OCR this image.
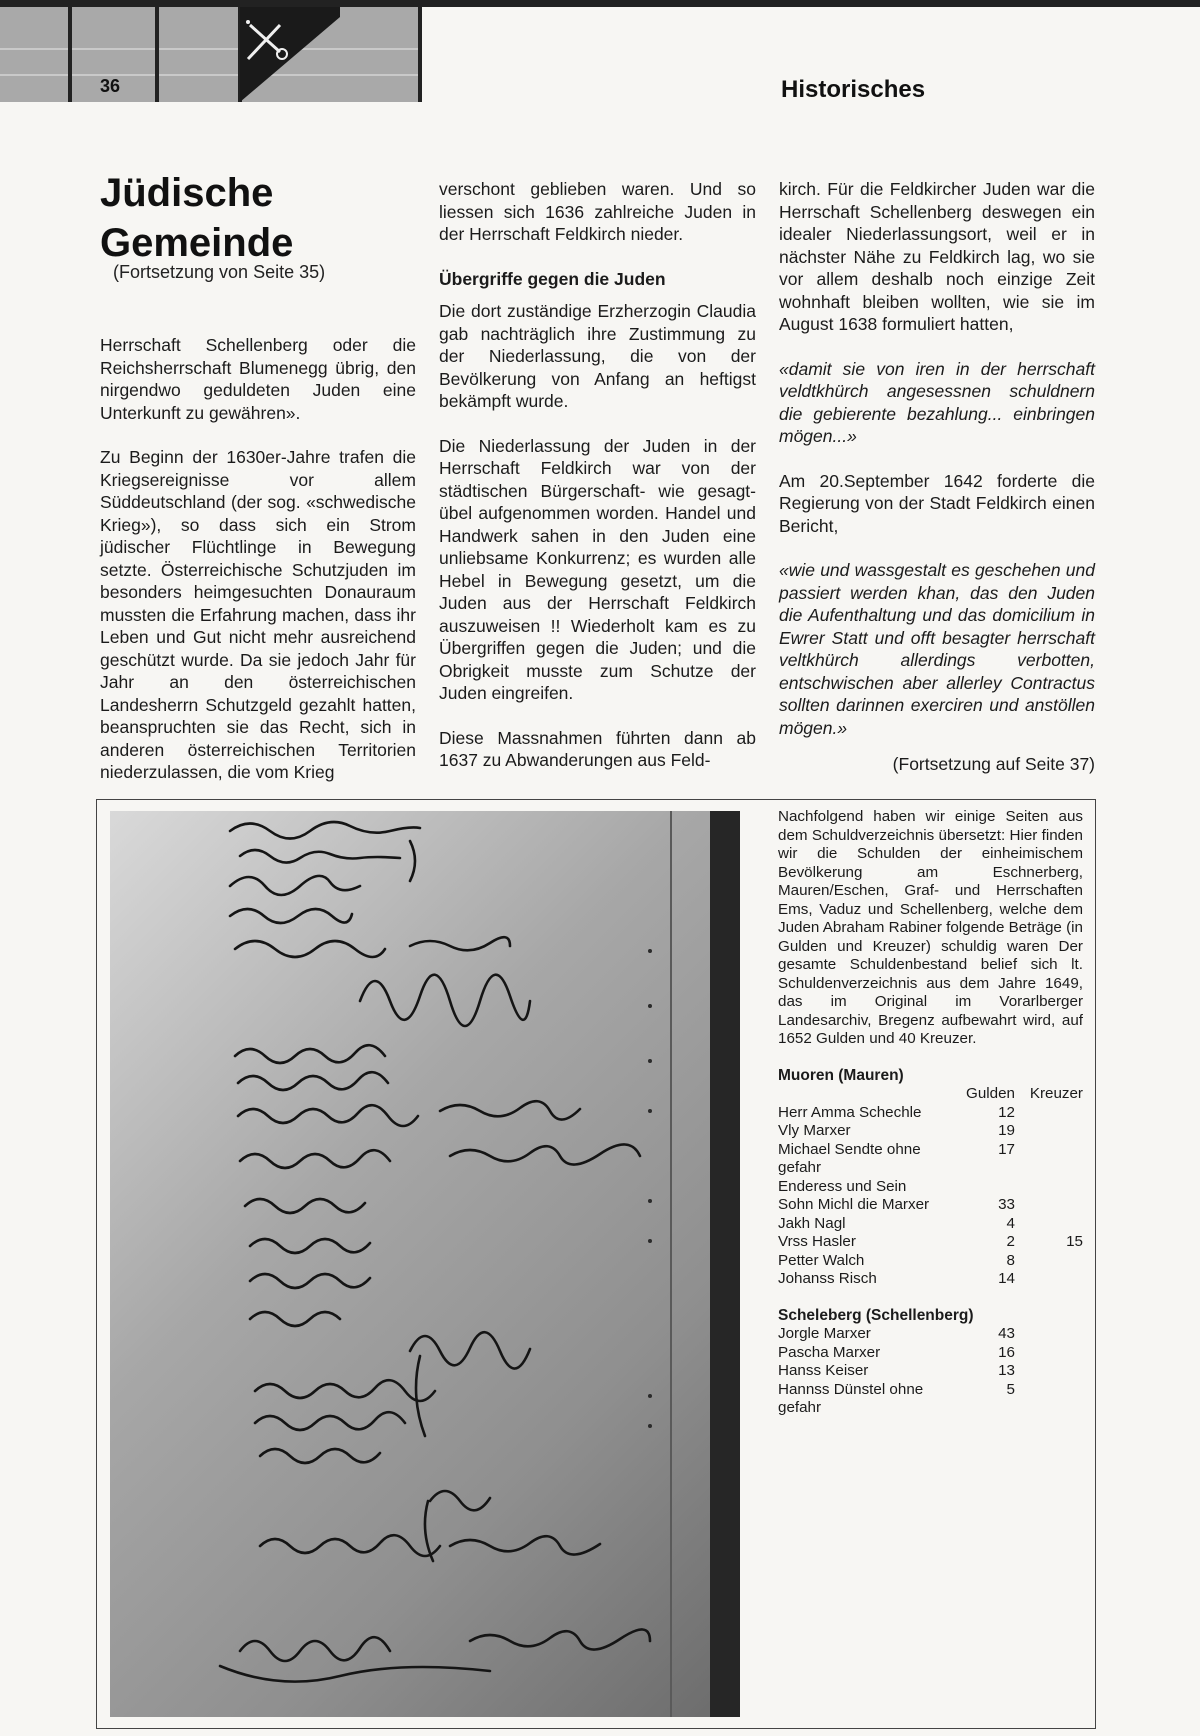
36	Historisches
Jüdische
Gemeinde
(Fortsetzung von Seite 35)

Herrschaft Schellenberg oder die Reichsherrschaft Blumenegg übrig, den nirgendwo geduldeten Juden eine Unterkunft zu gewähren».

Zu Beginn der 1630er-Jahre trafen die Kriegsereignisse vor allem Süddeutschland (der sog. «schwedische Krieg»), so dass sich ein Strom jüdischer Flüchtlinge in Bewegung setzte. Österreichische Schutzjuden im besonders heimgesuchten Donauraum mussten die Erfahrung machen, dass ihr Leben und Gut nicht mehr ausreichend geschützt wurde. Da sie jedoch Jahr für Jahr an den österreichischen Landesherrn Schutzgeld gezahlt hatten, beanspruchten sie das Recht, sich in anderen österreichischen Territorien niederzulassen, die vom Krieg

verschont geblieben waren. Und so liessen sich 1636 zahlreiche Juden in der Herrschaft Feldkirch nieder.

Übergriffe gegen die Juden

Die dort zuständige Erzherzogin Claudia gab nachträglich ihre Zustimmung zu der Niederlassung, die von der Bevölkerung von Anfang an heftigst bekämpft wurde.

Die Niederlassung der Juden in der Herrschaft Feldkirch war von der städtischen Bürgerschaft- wie gesagt- übel aufgenommen worden. Handel und Handwerk sahen in den Juden eine unliebsame Konkurrenz; es wurden alle Hebel in Bewegung gesetzt, um die Juden aus der Herrschaft Feldkirch auszuweisen !! Wiederholt kam es zu Übergriffen gegen die Juden; und die Obrigkeit musste zum Schutze der Juden eingreifen.

Diese Massnahmen führten dann ab 1637 zu Abwanderungen aus Feld-

kirch. Für die Feldkircher Juden war die Herrschaft Schellenberg deswegen ein idealer Niederlassungsort, weil er in nächster Nähe zu Feldkirch lag, wo sie vor allem deshalb noch einzige Zeit wohnhaft bleiben wollten, wie sie im August 1638 formuliert hatten,

«damit sie von iren in der herrschaft veldtkhürch angesessnen schuldnern die gebierente bezahlung... einbringen mögen...»

Am 20.September 1642 forderte die Regierung von der Stadt Feldkirch einen Bericht,

«wie und wassgestalt es geschehen und passiert werden khan, das den Juden die Aufenthaltung und das domicilium in Ewrer Statt und offt besagter herrschaft veltkhürch allerdings verbotten, entschwischen aber allerley Contractus sollten darinnen exerciren und anstöllen mögen.»

(Fortsetzung auf Seite 37)

Nachfolgend haben wir einige Seiten aus dem Schuldverzeichnis übersetzt: Hier finden wir die Schulden der einheimischem Bevölkerung am Eschnerberg, Mauren/Eschen, Graf- und Herrschaften Ems, Vaduz und Schellenberg, welche dem Juden Abraham Rabiner folgende Beträge (in Gulden und Kreuzer) schuldig waren Der gesamte Schuldenbestand belief sich lt. Schuldenverzeichnis aus dem Jahre 1649, das im Original im Vorarlberger Landesarchiv, Bregenz aufbewahrt wird, auf 1652 Gulden und 40 Kreuzer.

Muoren (Mauren)

	Gulden	Kreuzer
Herr Amma Schechle	12	
Vly Marxer	19	
Michael Sendte ohne gefahr	17	
Enderess und Sein		
Sohn Michl die Marxer	33	
Jakh Nagl	4	
Vrss Hasler	2	15
Petter Walch	8	
Johanss Risch	14	

Scheleberg (Schellenberg)

Jorgle Marxer	43	
Pascha Marxer	16	
Hanss Keiser	13	
Hannss Dünstel ohne gefahr	5	
